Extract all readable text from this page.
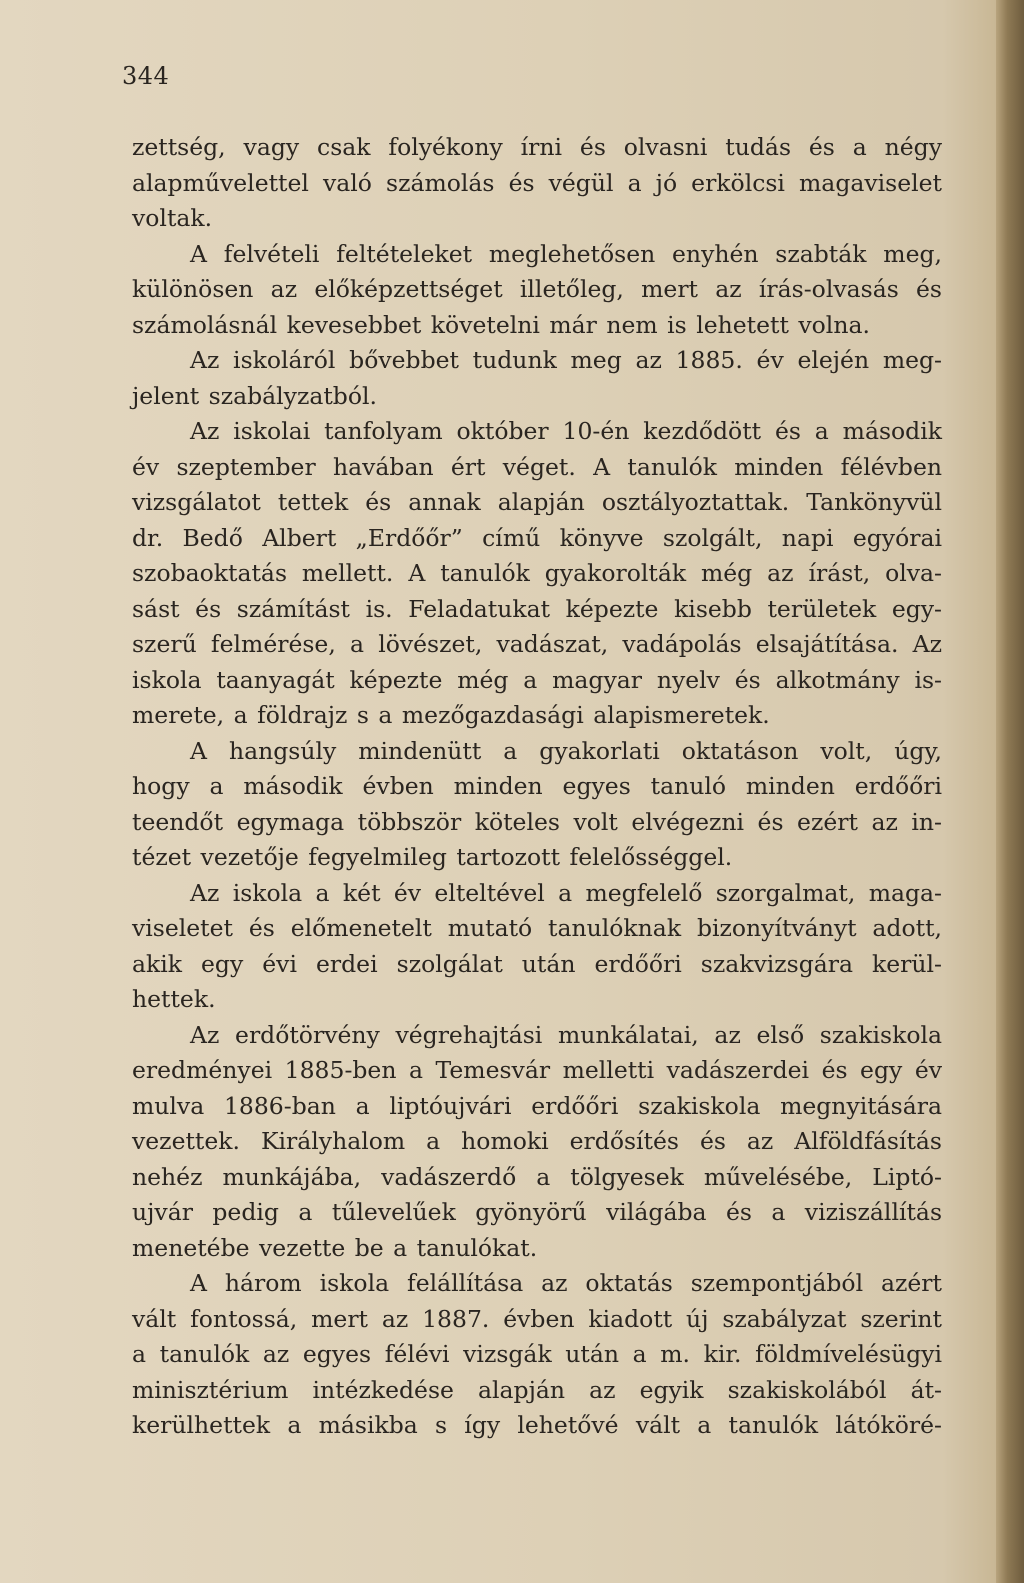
344
zettség, vagy csak folyékony írni és olvasni tudás és a négy
alapművelettel való számolás és végül a jó erkölcsi magaviselet
voltak.
A felvételi feltételeket meglehetősen enyhén szabták meg,
különösen az előképzettséget illetőleg, mert az írás-olvasás és
számolásnál kevesebbet követelni már nem is lehetett volna.
Az iskoláról bővebbet tudunk meg az 1885. év elején meg-
jelent szabályzatból.
Az iskolai tanfolyam október 10-én kezdődött és a második
év szeptember havában ért véget. A tanulók minden félévben
vizsgálatot tettek és annak alapján osztályoztattak. Tankönyvül
dr. Bedő Albert „Erdőőr” című könyve szolgált, napi egyórai
szobaoktatás mellett. A tanulók gyakorolták még az írást, olva-
sást és számítást is. Feladatukat képezte kisebb területek egy-
szerű felmérése, a lövészet, vadászat, vadápolás elsajátítása. Az
iskola taanyagát képezte még a magyar nyelv és alkotmány is-
merete, a földrajz s a mezőgazdasági alapismeretek.
A hangsúly mindenütt a gyakorlati oktatáson volt, úgy,
hogy a második évben minden egyes tanuló minden erdőőri
teendőt egymaga többször köteles volt elvégezni és ezért az in-
tézet vezetője fegyelmileg tartozott felelősséggel.
Az iskola a két év elteltével a megfelelő szorgalmat, maga-
viseletet és előmenetelt mutató tanulóknak bizonyítványt adott,
akik egy évi erdei szolgálat után erdőőri szakvizsgára kerül-
hettek.
Az erdőtörvény végrehajtási munkálatai, az első szakiskola
eredményei 1885-ben a Temesvár melletti vadászerdei és egy év
mulva 1886-ban a liptóujvári erdőőri szakiskola megnyitására
vezettek. Királyhalom a homoki erdősítés és az Alföldfásítás
nehéz munkájába, vadászerdő a tölgyesek művelésébe, Liptó-
ujvár pedig a tűlevelűek gyönyörű világába és a viziszállítás
menetébe vezette be a tanulókat.
A három iskola felállítása az oktatás szempontjából azért
vált fontossá, mert az 1887. évben kiadott új szabályzat szerint
a tanulók az egyes félévi vizsgák után a m. kir. földmívelésügyi
minisztérium intézkedése alapján az egyik szakiskolából át-
kerülhettek a másikba s így lehetővé vált a tanulók látóköré-
